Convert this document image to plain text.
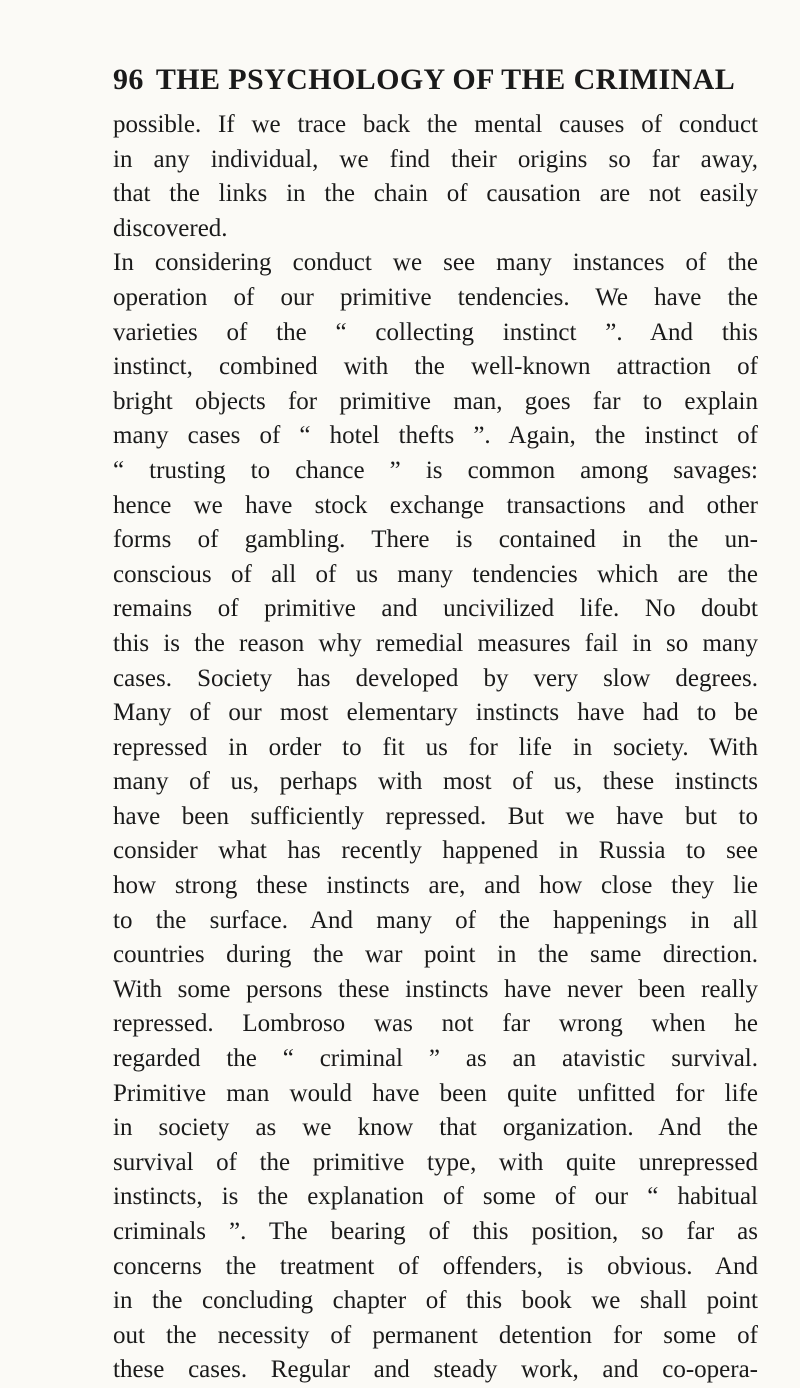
96 THE PSYCHOLOGY OF THE CRIMINAL
possible. If we trace back the mental causes of conduct
in any individual, we find their origins so far away,
that the links in the chain of causation are not easily
discovered.
In considering conduct we see many instances of the
operation of our primitive tendencies. We have the
varieties of the “ collecting instinct ”. And this
instinct, combined with the well-known attraction of
bright objects for primitive man, goes far to explain
many cases of “ hotel thefts ”. Again, the instinct of
“ trusting to chance ” is common among savages:
hence we have stock exchange transactions and other
forms of gambling. There is contained in the un-
conscious of all of us many tendencies which are the
remains of primitive and uncivilized life. No doubt
this is the reason why remedial measures fail in so many
cases. Society has developed by very slow degrees.
Many of our most elementary instincts have had to be
repressed in order to fit us for life in society. With
many of us, perhaps with most of us, these instincts
have been sufficiently repressed. But we have but to
consider what has recently happened in Russia to see
how strong these instincts are, and how close they lie
to the surface. And many of the happenings in all
countries during the war point in the same direction.
With some persons these instincts have never been really
repressed. Lombroso was not far wrong when he
regarded the “ criminal ” as an atavistic survival.
Primitive man would have been quite unfitted for life
in society as we know that organization. And the
survival of the primitive type, with quite unrepressed
instincts, is the explanation of some of our “ habitual
criminals ”. The bearing of this position, so far as
concerns the treatment of offenders, is obvious. And
in the concluding chapter of this book we shall point
out the necessity of permanent detention for some of
these cases. Regular and steady work, and co-opera-
